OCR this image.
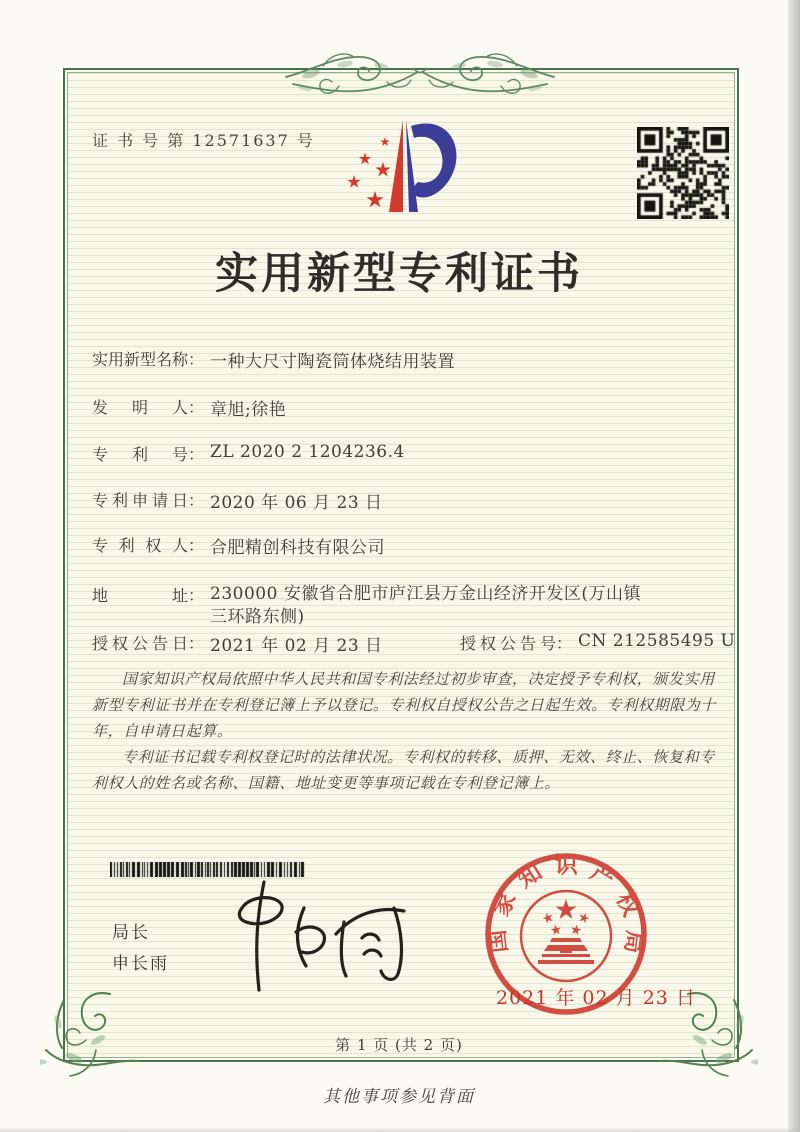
证 书 号 第 12571637 号
实用新型专利证书
实用新型名称： 一种大尺寸陶瓷筒体烧结用装置
发明人： 章旭;徐艳
专利号： ZL 2020 2 1204236.4
专利申请日： 2020 年 06 月 23 日
专利权人： 合肥精创科技有限公司
地址： 230000 安徽省合肥市庐江县万金山经济开发区(万山镇三环路东侧)
授权公告日： 2021 年 02 月 23 日	授权公告号： CN 212585495 U

国家知识产权局依照中华人民共和国专利法经过初步审查，决定授予专利权，颁发实用新型专利证书并在专利登记簿上予以登记。专利权自授权公告之日起生效。专利权期限为十年，自申请日起算。

专利证书记载专利权登记时的法律状况。专利权的转移、质押、无效、终止、恢复和专利权人的姓名或名称、国籍、地址变更等事项记载在专利登记簿上。

局长
申长雨
国家知识产权局
2021 年 02 月 23 日
第 1 页 (共 2 页)
其他事项参见背面
